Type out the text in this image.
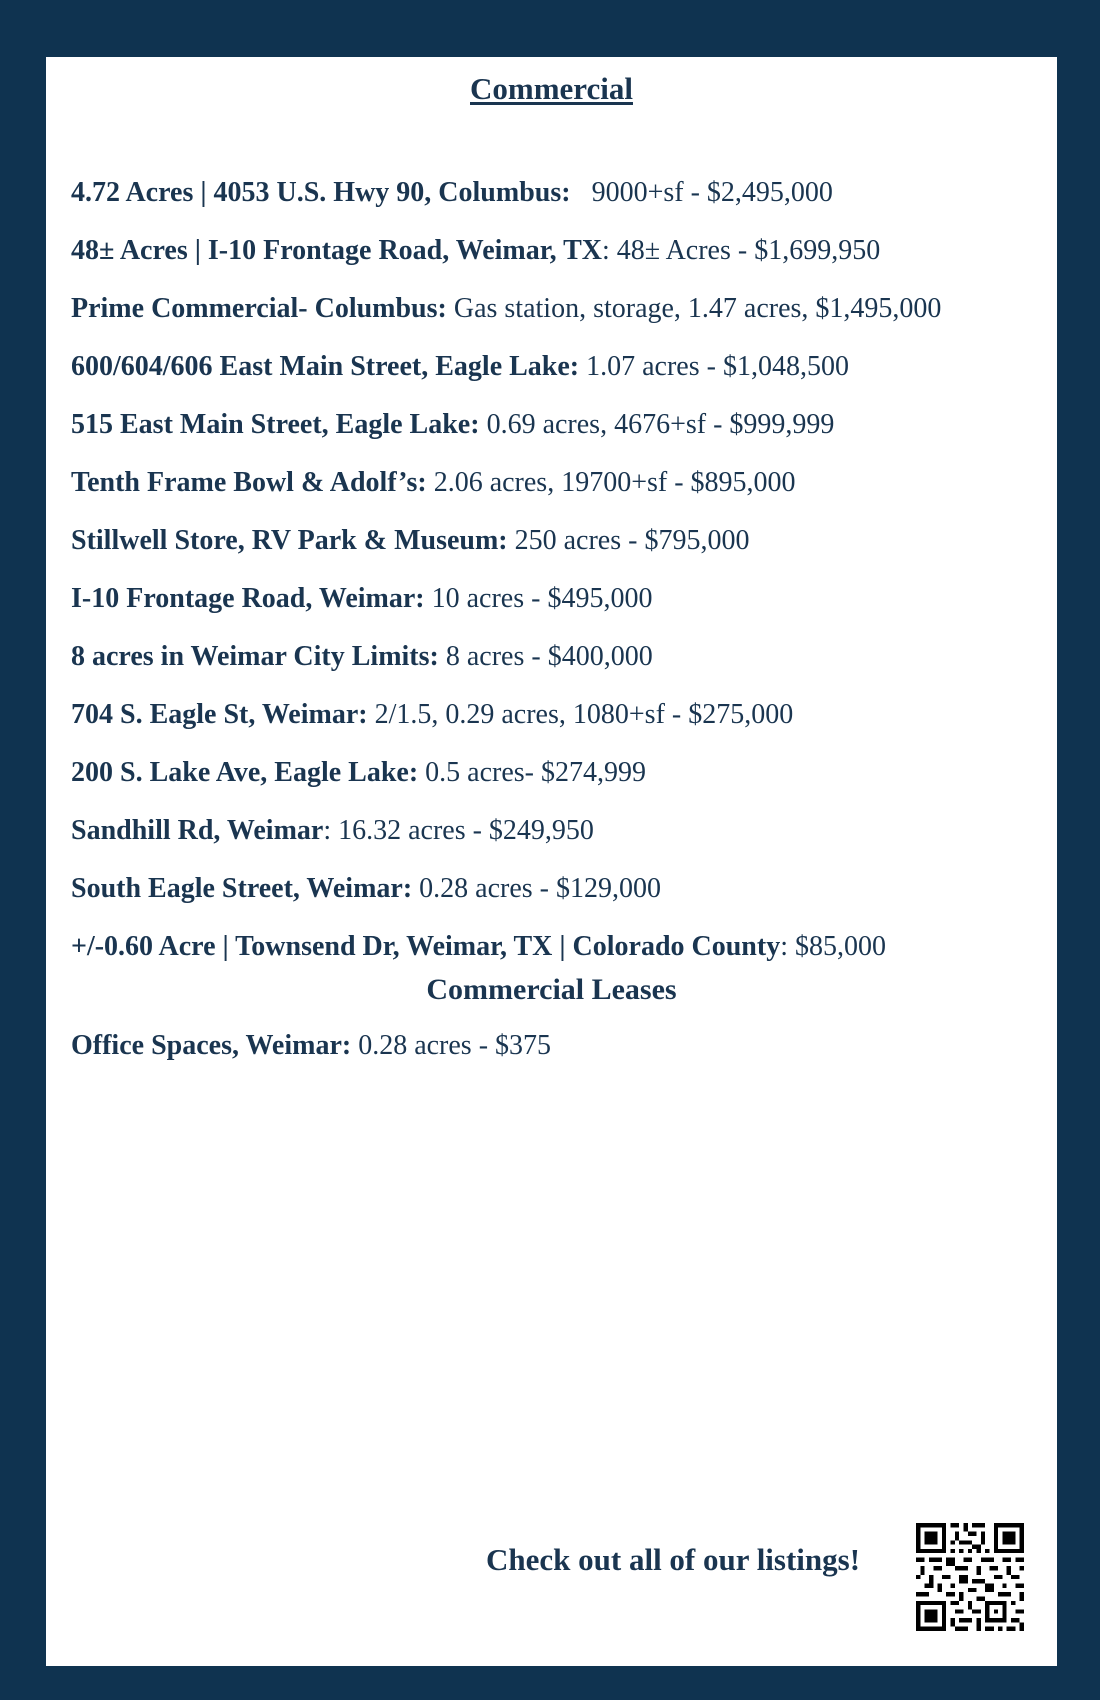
Commercial
4.72 Acres | 4053 U.S. Hwy 90, Columbus:   9000+sf - $2,495,000
48± Acres | I-10 Frontage Road, Weimar, TX: 48± Acres - $1,699,950
Prime Commercial- Columbus: Gas station, storage, 1.47 acres, $1,495,000
600/604/606 East Main Street, Eagle Lake: 1.07 acres - $1,048,500
515 East Main Street, Eagle Lake: 0.69 acres, 4676+sf - $999,999
Tenth Frame Bowl & Adolf’s: 2.06 acres, 19700+sf - $895,000
Stillwell Store, RV Park & Museum: 250 acres - $795,000
I-10 Frontage Road, Weimar: 10 acres - $495,000
8 acres in Weimar City Limits: 8 acres - $400,000
704 S. Eagle St, Weimar: 2/1.5, 0.29 acres, 1080+sf - $275,000
200 S. Lake Ave, Eagle Lake: 0.5 acres- $274,999
Sandhill Rd, Weimar: 16.32 acres - $249,950
South Eagle Street, Weimar: 0.28 acres - $129,000
+/-0.60 Acre | Townsend Dr, Weimar, TX | Colorado County: $85,000
Commercial Leases
Office Spaces, Weimar: 0.28 acres - $375
Check out all of our listings!
